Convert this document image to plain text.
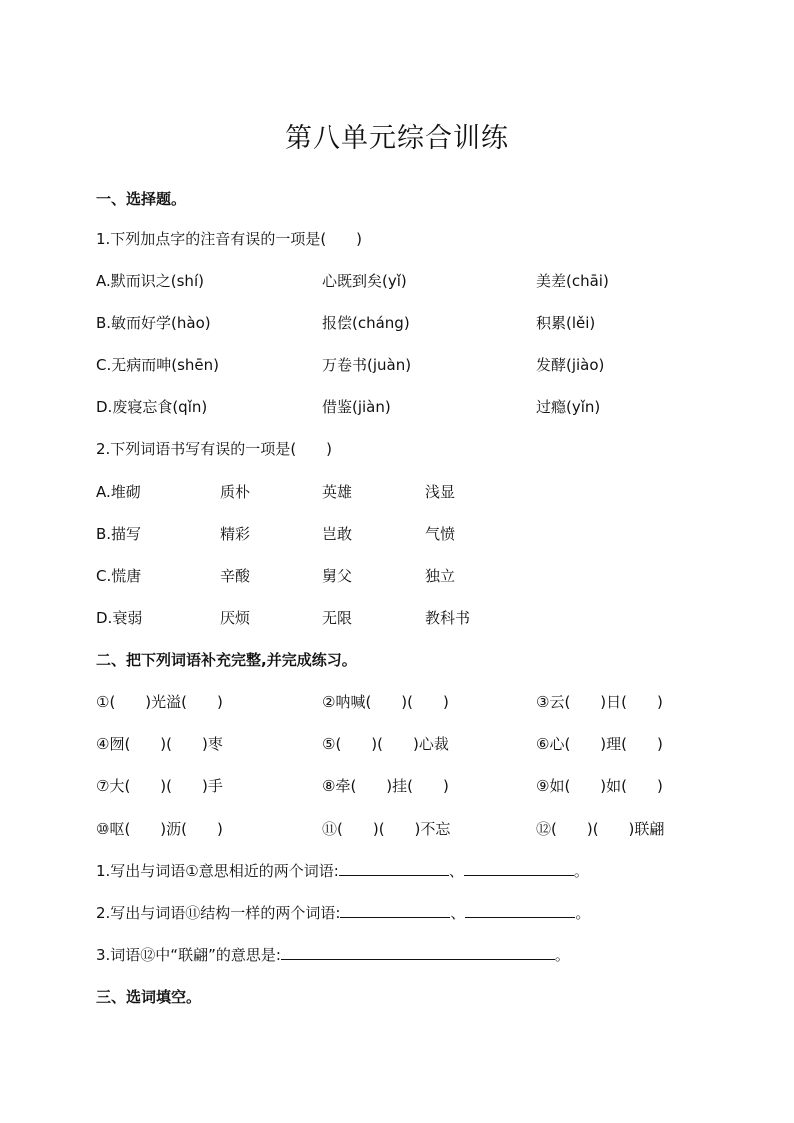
第八单元综合训练
一、选择题。
1.下列加点字的注音有误的一项是(　　)
A.默而识之(shí)	心既到矣(yǐ)	美差(chāi)
B.敏而好学(hào)	报偿(cháng)	积累(lěi)
C.无病而呻(shēn)	万卷书(juàn)	发酵(jiào)
D.废寝忘食(qǐn)	借鉴(jiàn)	过瘾(yǐn)
2.下列词语书写有误的一项是(　　)
A.堆砌	质朴	英雄	浅显
B.描写	精彩	岂敢	气愤
C.慌唐	辛酸	舅父	独立
D.衰弱	厌烦	无限	教科书
二、把下列词语补充完整,并完成练习。
①(　　)光溢(　　)	②呐喊(　　)(　　)	③云(　　)日(　　)
④囫(　　)(　　)枣	⑤(　　)(　　)心裁	⑥心(　　)理(　　)
⑦大(　　)(　　)手	⑧牵(　　)挂(　　)	⑨如(　　)如(　　)
⑩呕(　　)沥(　　)	⑪(　　)(　　)不忘	⑫(　　)(　　)联翩
1.写出与词语①意思相近的两个词语:	、	。
2.写出与词语⑪结构一样的两个词语:	、	。
3.词语⑫中“联翩”的意思是:	。
三、选词填空。
